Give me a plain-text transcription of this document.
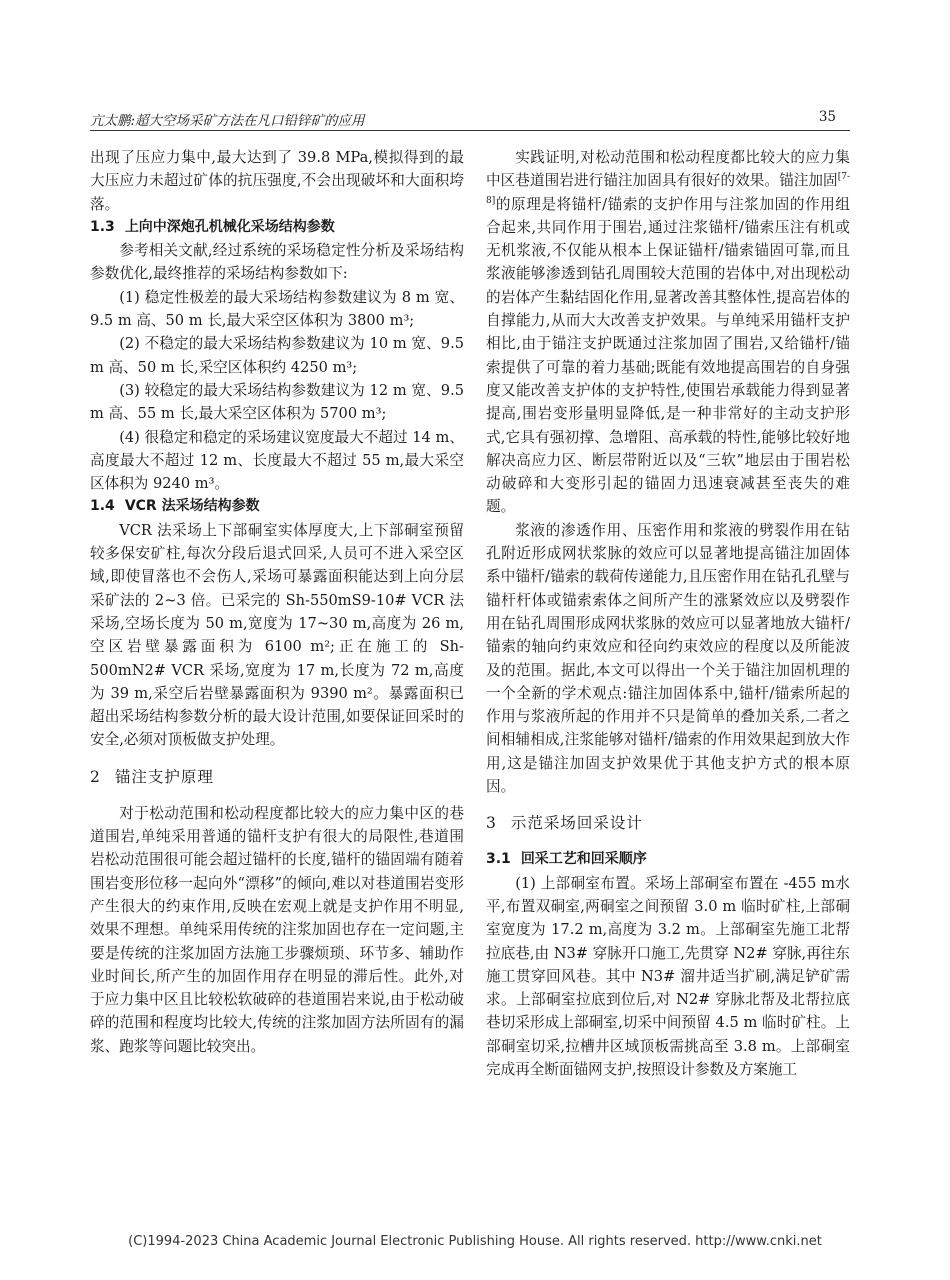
亢太鹏:超大空场采矿方法在凡口铅锌矿的应用	35

出现了压应力集中,最大达到了 39.8 MPa,模拟得到的最大压应力未超过矿体的抗压强度,不会出现破坏和大面积垮落。

1.3 上向中深炮孔机械化采场结构参数

参考相关文献,经过系统的采场稳定性分析及采场结构参数优化,最终推荐的采场结构参数如下:

(1) 稳定性极差的最大采场结构参数建议为 8 m 宽、9.5 m 高、50 m 长,最大采空区体积为 3800 m³;

(2) 不稳定的最大采场结构参数建议为 10 m 宽、9.5 m 高、50 m 长,采空区体积约 4250 m³;

(3) 较稳定的最大采场结构参数建议为 12 m 宽、9.5 m 高、55 m 长,最大采空区体积为 5700 m³;

(4) 很稳定和稳定的采场建议宽度最大不超过 14 m、高度最大不超过 12 m、长度最大不超过 55 m,最大采空区体积为 9240 m³。

1.4 VCR 法采场结构参数

VCR 法采场上下部硐室实体厚度大,上下部硐室预留较多保安矿柱,每次分段后退式回采,人员可不进入采空区域,即使冒落也不会伤人,采场可暴露面积能达到上向分层采矿法的 2~3 倍。已采完的 Sh-550mS9-10# VCR 法采场,空场长度为 50 m,宽度为 17~30 m,高度为 26 m,空区岩壁暴露面积为 6100 m²;正在施工的 Sh-500mN2# VCR 采场,宽度为 17 m,长度为 72 m,高度为 39 m,采空后岩壁暴露面积为 9390 m²。暴露面积已超出采场结构参数分析的最大设计范围,如要保证回采时的安全,必须对顶板做支护处理。

2 锚注支护原理

对于松动范围和松动程度都比较大的应力集中区的巷道围岩,单纯采用普通的锚杆支护有很大的局限性,巷道围岩松动范围很可能会超过锚杆的长度,锚杆的锚固端有随着围岩变形位移一起向外“漂移”的倾向,难以对巷道围岩变形产生很大的约束作用,反映在宏观上就是支护作用不明显,效果不理想。单纯采用传统的注浆加固也存在一定问题,主要是传统的注浆加固方法施工步骤烦琐、环节多、辅助作业时间长,所产生的加固作用存在明显的滞后性。此外,对于应力集中区且比较松软破碎的巷道围岩来说,由于松动破碎的范围和程度均比较大,传统的注浆加固方法所固有的漏浆、跑浆等问题比较突出。

实践证明,对松动范围和松动程度都比较大的应力集中区巷道围岩进行锚注加固具有很好的效果。锚注加固[7-8]的原理是将锚杆/锚索的支护作用与注浆加固的作用组合起来,共同作用于围岩,通过注浆锚杆/锚索压注有机或无机浆液,不仅能从根本上保证锚杆/锚索锚固可靠,而且浆液能够渗透到钻孔周围较大范围的岩体中,对出现松动的岩体产生黏结固化作用,显著改善其整体性,提高岩体的自撑能力,从而大大改善支护效果。与单纯采用锚杆支护相比,由于锚注支护既通过注浆加固了围岩,又给锚杆/锚索提供了可靠的着力基础;既能有效地提高围岩的自身强度又能改善支护体的支护特性,使围岩承载能力得到显著提高,围岩变形量明显降低,是一种非常好的主动支护形式,它具有强初撑、急增阻、高承载的特性,能够比较好地解决高应力区、断层带附近以及“三软”地层由于围岩松动破碎和大变形引起的锚固力迅速衰减甚至丧失的难题。

浆液的渗透作用、压密作用和浆液的劈裂作用在钻孔附近形成网状浆脉的效应可以显著地提高锚注加固体系中锚杆/锚索的载荷传递能力,且压密作用在钻孔孔壁与锚杆杆体或锚索索体之间所产生的涨紧效应以及劈裂作用在钻孔周围形成网状浆脉的效应可以显著地放大锚杆/锚索的轴向约束效应和径向约束效应的程度以及所能波及的范围。据此,本文可以得出一个关于锚注加固机理的一个全新的学术观点:锚注加固体系中,锚杆/锚索所起的作用与浆液所起的作用并不只是简单的叠加关系,二者之间相辅相成,注浆能够对锚杆/锚索的作用效果起到放大作用,这是锚注加固支护效果优于其他支护方式的根本原因。

3 示范采场回采设计
3.1 回采工艺和回采顺序

(1) 上部硐室布置。采场上部硐室布置在 -455 m水平,布置双硐室,两硐室之间预留 3.0 m 临时矿柱,上部硐室宽度为 17.2 m,高度为 3.2 m。上部硐室先施工北帮拉底巷,由 N3# 穿脉开口施工,先贯穿 N2# 穿脉,再往东施工贯穿回风巷。其中 N3# 溜井适当扩刷,满足铲矿需求。上部硐室拉底到位后,对 N2# 穿脉北帮及北帮拉底巷切采形成上部硐室,切采中间预留 4.5 m 临时矿柱。上部硐室切采,拉槽井区域顶板需挑高至 3.8 m。上部硐室完成再全断面锚网支护,按照设计参数及方案施工

(C)1994-2023 China Academic Journal Electronic Publishing House. All rights reserved. http://www.cnki.net
